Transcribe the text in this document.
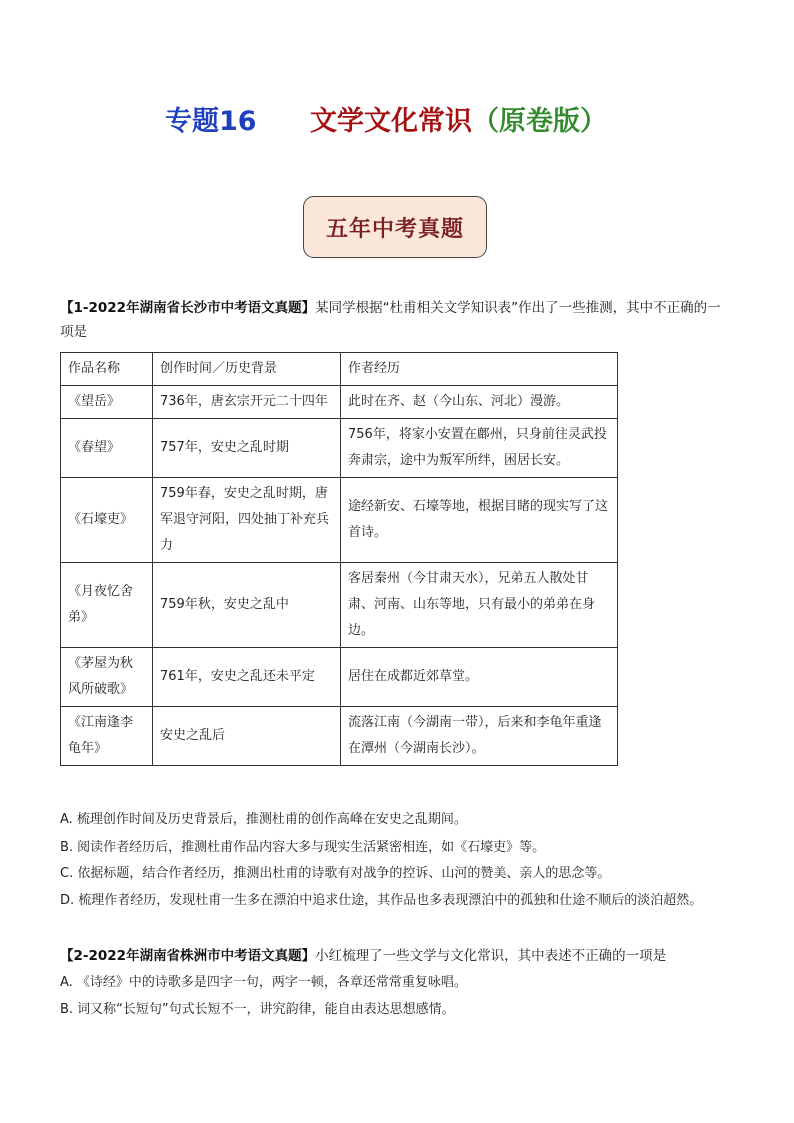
专题16 文学文化常识 （原卷版）
五年中考真题

【1-2022年湖南省长沙市中考语文真题】某同学根据“杜甫相关文学知识表”作出了一些推测，其中不正确的一项是

作品名称	创作时间／历史背景	作者经历
《望岳》	736年，唐玄宗开元二十四年	此时在齐、赵（今山东、河北）漫游。
《春望》	757年，安史之乱时期	756年，将家小安置在鄜州，只身前往灵武投奔肃宗，途中为叛军所绊，困居长安。
《石壕吏》	759年春，安史之乱时期，唐军退守河阳，四处抽丁补充兵力	途经新安、石壕等地，根据目睹的现实写了这首诗。
《月夜忆舍弟》	759年秋，安史之乱中	客居秦州（今甘肃天水），兄弟五人散处甘肃、河南、山东等地，只有最小的弟弟在身边。
《茅屋为秋风所破歌》	761年，安史之乱还未平定	居住在成都近郊草堂。
《江南逢李龟年》	安史之乱后	流落江南（今湖南一带），后来和李龟年重逢在潭州（今湖南长沙）。

A. 梳理创作时间及历史背景后，推测杜甫的创作高峰在安史之乱期间。

B. 阅读作者经历后，推测杜甫作品内容大多与现实生活紧密相连，如《石壕吏》等。

C. 依据标题，结合作者经历，推测出杜甫的诗歌有对战争的控诉、山河的赞美、亲人的思念等。

D. 梳理作者经历，发现杜甫一生多在漂泊中追求仕途，其作品也多表现漂泊中的孤独和仕途不顺后的淡泊超然。

【2-2022年湖南省株洲市中考语文真题】小红梳理了一些文学与文化常识，其中表述不正确的一项是

A. 《诗经》中的诗歌多是四字一句，两字一顿，各章还常常重复咏唱。

B. 词又称“长短句”句式长短不一，讲究韵律，能自由表达思想感情。
